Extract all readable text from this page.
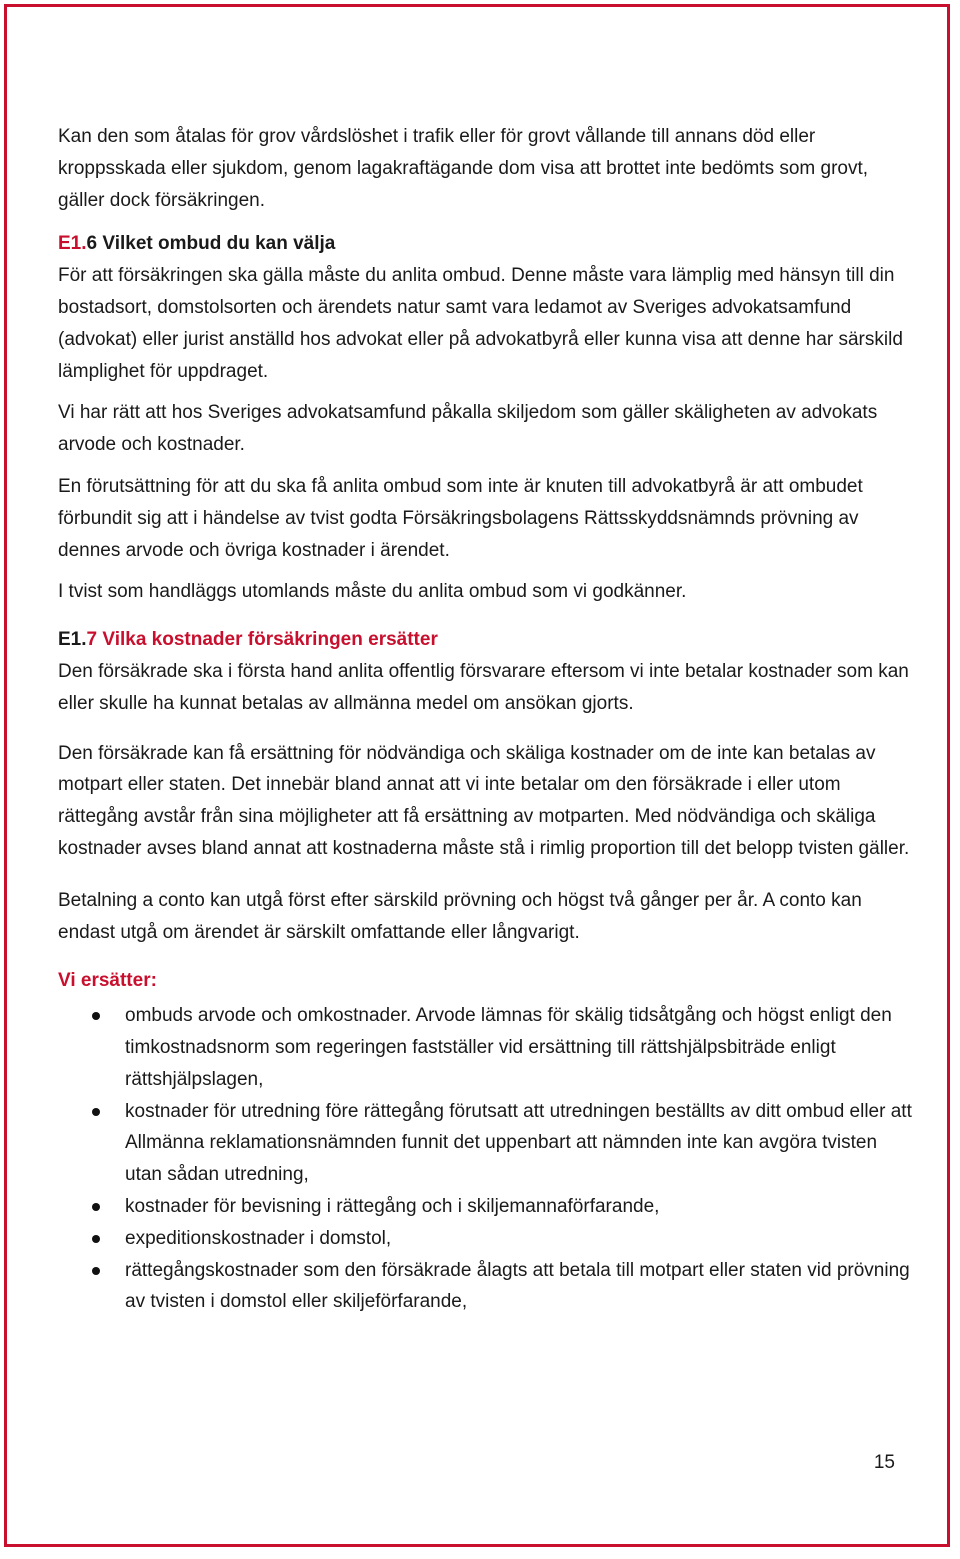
Kan den som åtalas för grov vårdslöshet i trafik eller för grovt vållande till annans död eller kroppsskada eller sjukdom, genom lagakraftägande dom visa att brottet inte bedömts som grovt, gäller dock försäkringen.

E1.6 Vilket ombud du kan välja

För att försäkringen ska gälla måste du anlita ombud. Denne måste vara lämplig med hänsyn till din bostadsort, domstolsorten och ärendets natur samt vara ledamot av Sveriges advokatsamfund (advokat) eller jurist anställd hos advokat eller på advokatbyrå eller kunna visa att denne har särskild lämplighet för uppdraget.

Vi har rätt att hos Sveriges advokatsamfund påkalla skiljedom som gäller skäligheten av advokats arvode och kostnader.

En förutsättning för att du ska få anlita ombud som inte är knuten till advokatbyrå är att ombudet förbundit sig att i händelse av tvist godta Försäkringsbolagens Rättsskyddsnämnds prövning av dennes arvode och övriga kostnader i ärendet.

I tvist som handläggs utomlands måste du anlita ombud som vi godkänner.

E1.7 Vilka kostnader försäkringen ersätter

Den försäkrade ska i första hand anlita offentlig försvarare eftersom vi inte betalar kostnader som kan eller skulle ha kunnat betalas av allmänna medel om ansökan gjorts.

Den försäkrade kan få ersättning för nödvändiga och skäliga kostnader om de inte kan betalas av motpart eller staten. Det innebär bland annat att vi inte betalar om den försäkrade i eller utom rättegång avstår från sina möjligheter att få ersättning av motparten. Med nödvändiga och skäliga kostnader avses bland annat att kostnaderna måste stå i rimlig proportion till det belopp tvisten gäller.

Betalning a conto kan utgå först efter särskild prövning och högst två gånger per år. A conto kan endast utgå om ärendet är särskilt omfattande eller långvarigt.

Vi ersätter:
ombuds arvode och omkostnader. Arvode lämnas för skälig tidsåtgång och högst enligt den timkostnadsnorm som regeringen fastställer vid ersättning till rättshjälpsbiträde enligt rättshjälpslagen,
kostnader för utredning före rättegång förutsatt att utredningen beställts av ditt ombud eller att Allmänna reklamationsnämnden funnit det uppenbart att nämnden inte kan avgöra tvisten utan sådan utredning,
kostnader för bevisning i rättegång och i skiljemannaförfarande,
expeditionskostnader i domstol,
rättegångskostnader som den försäkrade ålagts att betala till motpart eller staten vid prövning av tvisten i domstol eller skiljeförfarande,
15
